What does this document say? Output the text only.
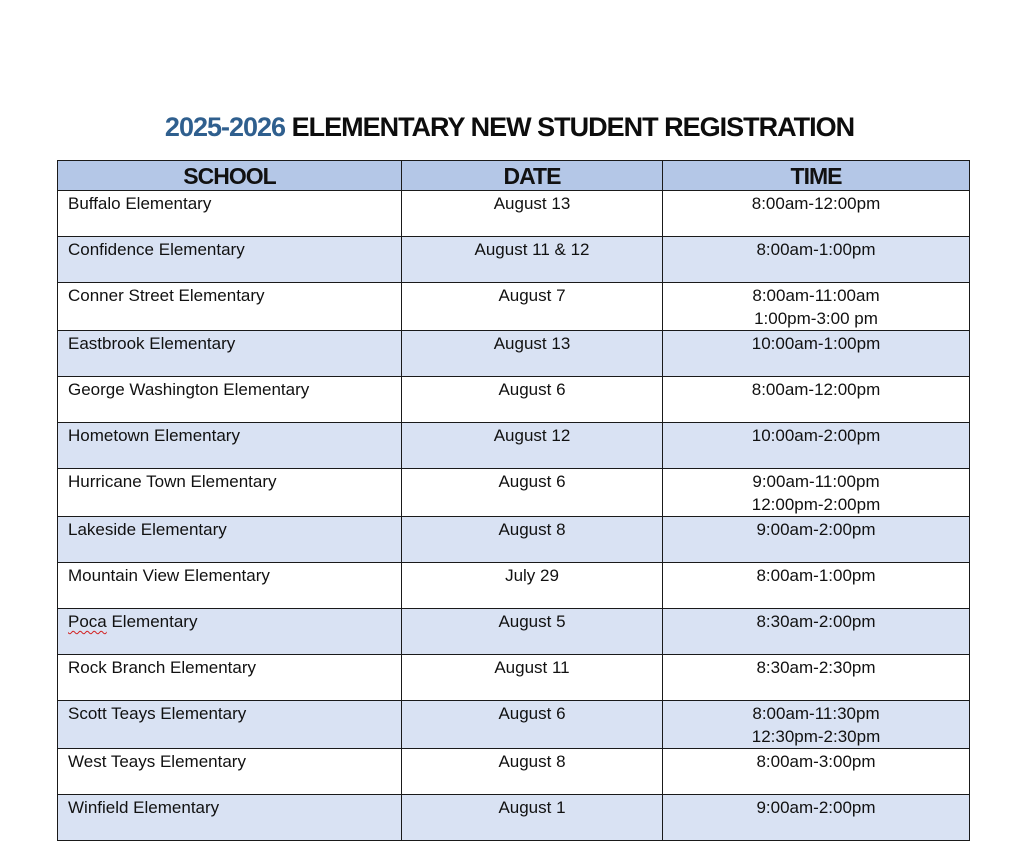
2025-2026 ELEMENTARY NEW STUDENT REGISTRATION
SCHOOL	DATE	TIME
Buffalo Elementary	August 13	8:00am-12:00pm

Confidence Elementary	August 11 & 12	8:00am-1:00pm

Conner Street Elementary	August 7	8:00am-11:00am
1:00pm-3:00 pm

Eastbrook Elementary	August 13	10:00am-1:00pm

George Washington Elementary	August 6	8:00am-12:00pm

Hometown Elementary	August 12	10:00am-2:00pm

Hurricane Town Elementary	August 6	9:00am-11:00pm
12:00pm-2:00pm

Lakeside Elementary	August 8	9:00am-2:00pm

Mountain View Elementary	July 29	8:00am-1:00pm

Poca Elementary	August 5	8:30am-2:00pm

Rock Branch Elementary	August 11	8:30am-2:30pm

Scott Teays Elementary	August 6	8:00am-11:30pm
12:30pm-2:30pm

West Teays Elementary	August 8	8:00am-3:00pm

Winfield Elementary	August 1	9:00am-2:00pm
